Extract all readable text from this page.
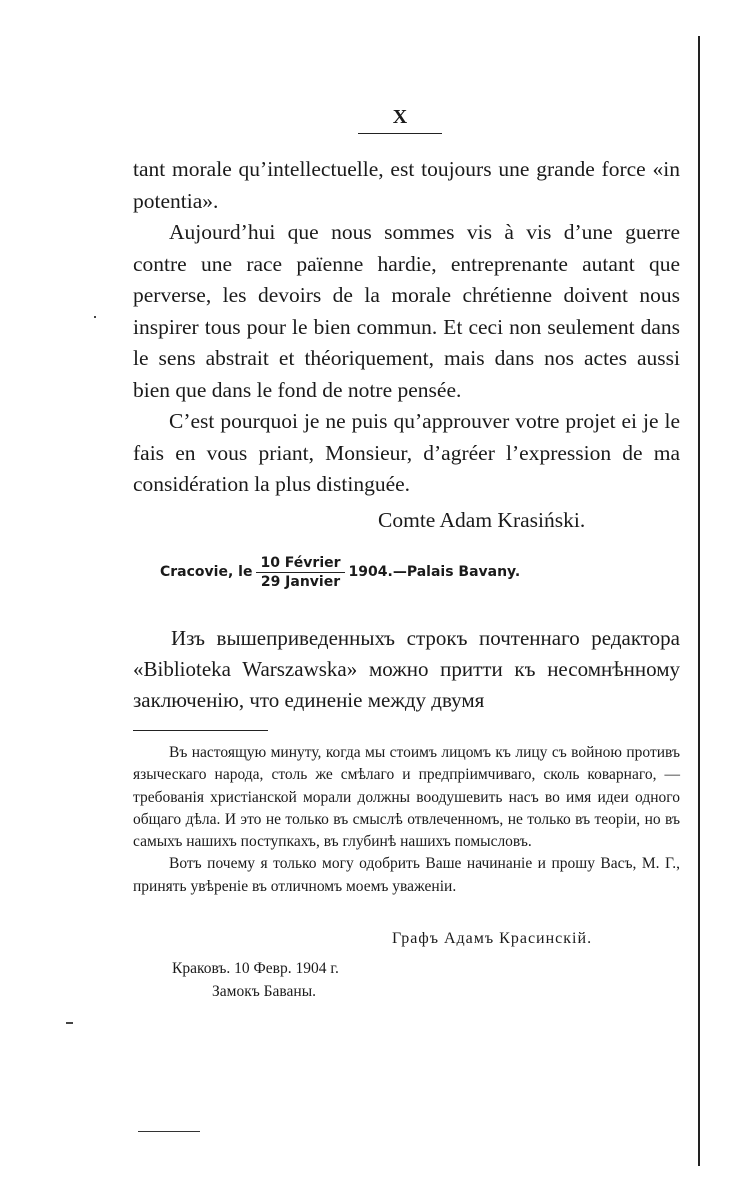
X

tant morale qu’intellectuelle, est toujours une grande force «in potentia».

Aujourd’hui que nous sommes vis à vis d’une guerre contre une race païenne hardie, entreprenante autant que perverse, les devoirs de la morale chrétienne doivent nous inspirer tous pour le bien commun. Et ceci non seulement dans le sens abstrait et théoriquement, mais dans nos actes aussi bien que dans le fond de notre pensée.

C’est pourquoi je ne puis qu’approuver votre projet ei je le fais en vous priant, Monsieur, d’agréer l’expression de ma considération la plus distinguée.

Comte Adam Krasiński.
Cracovie, le $\frac{\text{10 Février}}{\text{29 Janvier}}$ 1904.—Palais Bavany.

Изъ вышеприведенныхъ строкъ почтеннаго редактора «Biblioteka Warszawska» можно притти къ несомнѣнному заключенію, что единеніе между двумя

Въ настоящую минуту, когда мы стоимъ лицомъ къ лицу съ войною противъ языческаго народа, столь же смѣлаго и предпріимчиваго, сколь коварнаго, — требованія христіанской морали должны воодушевить насъ во имя идеи одного общаго дѣла. И это не только въ смыслѣ отвлеченномъ, не только въ теоріи, но въ самыхъ нашихъ поступкахъ, въ глубинѣ нашихъ помысловъ.

Вотъ почему я только могу одобрить Ваше начинаніе и прошу Васъ, М. Г., принять увѣреніе въ отличномъ моемъ уваженіи.

Графъ Адамъ Красинскій.
Краковъ. 10 Февр. 1904 г.
Замокъ Баваны.
